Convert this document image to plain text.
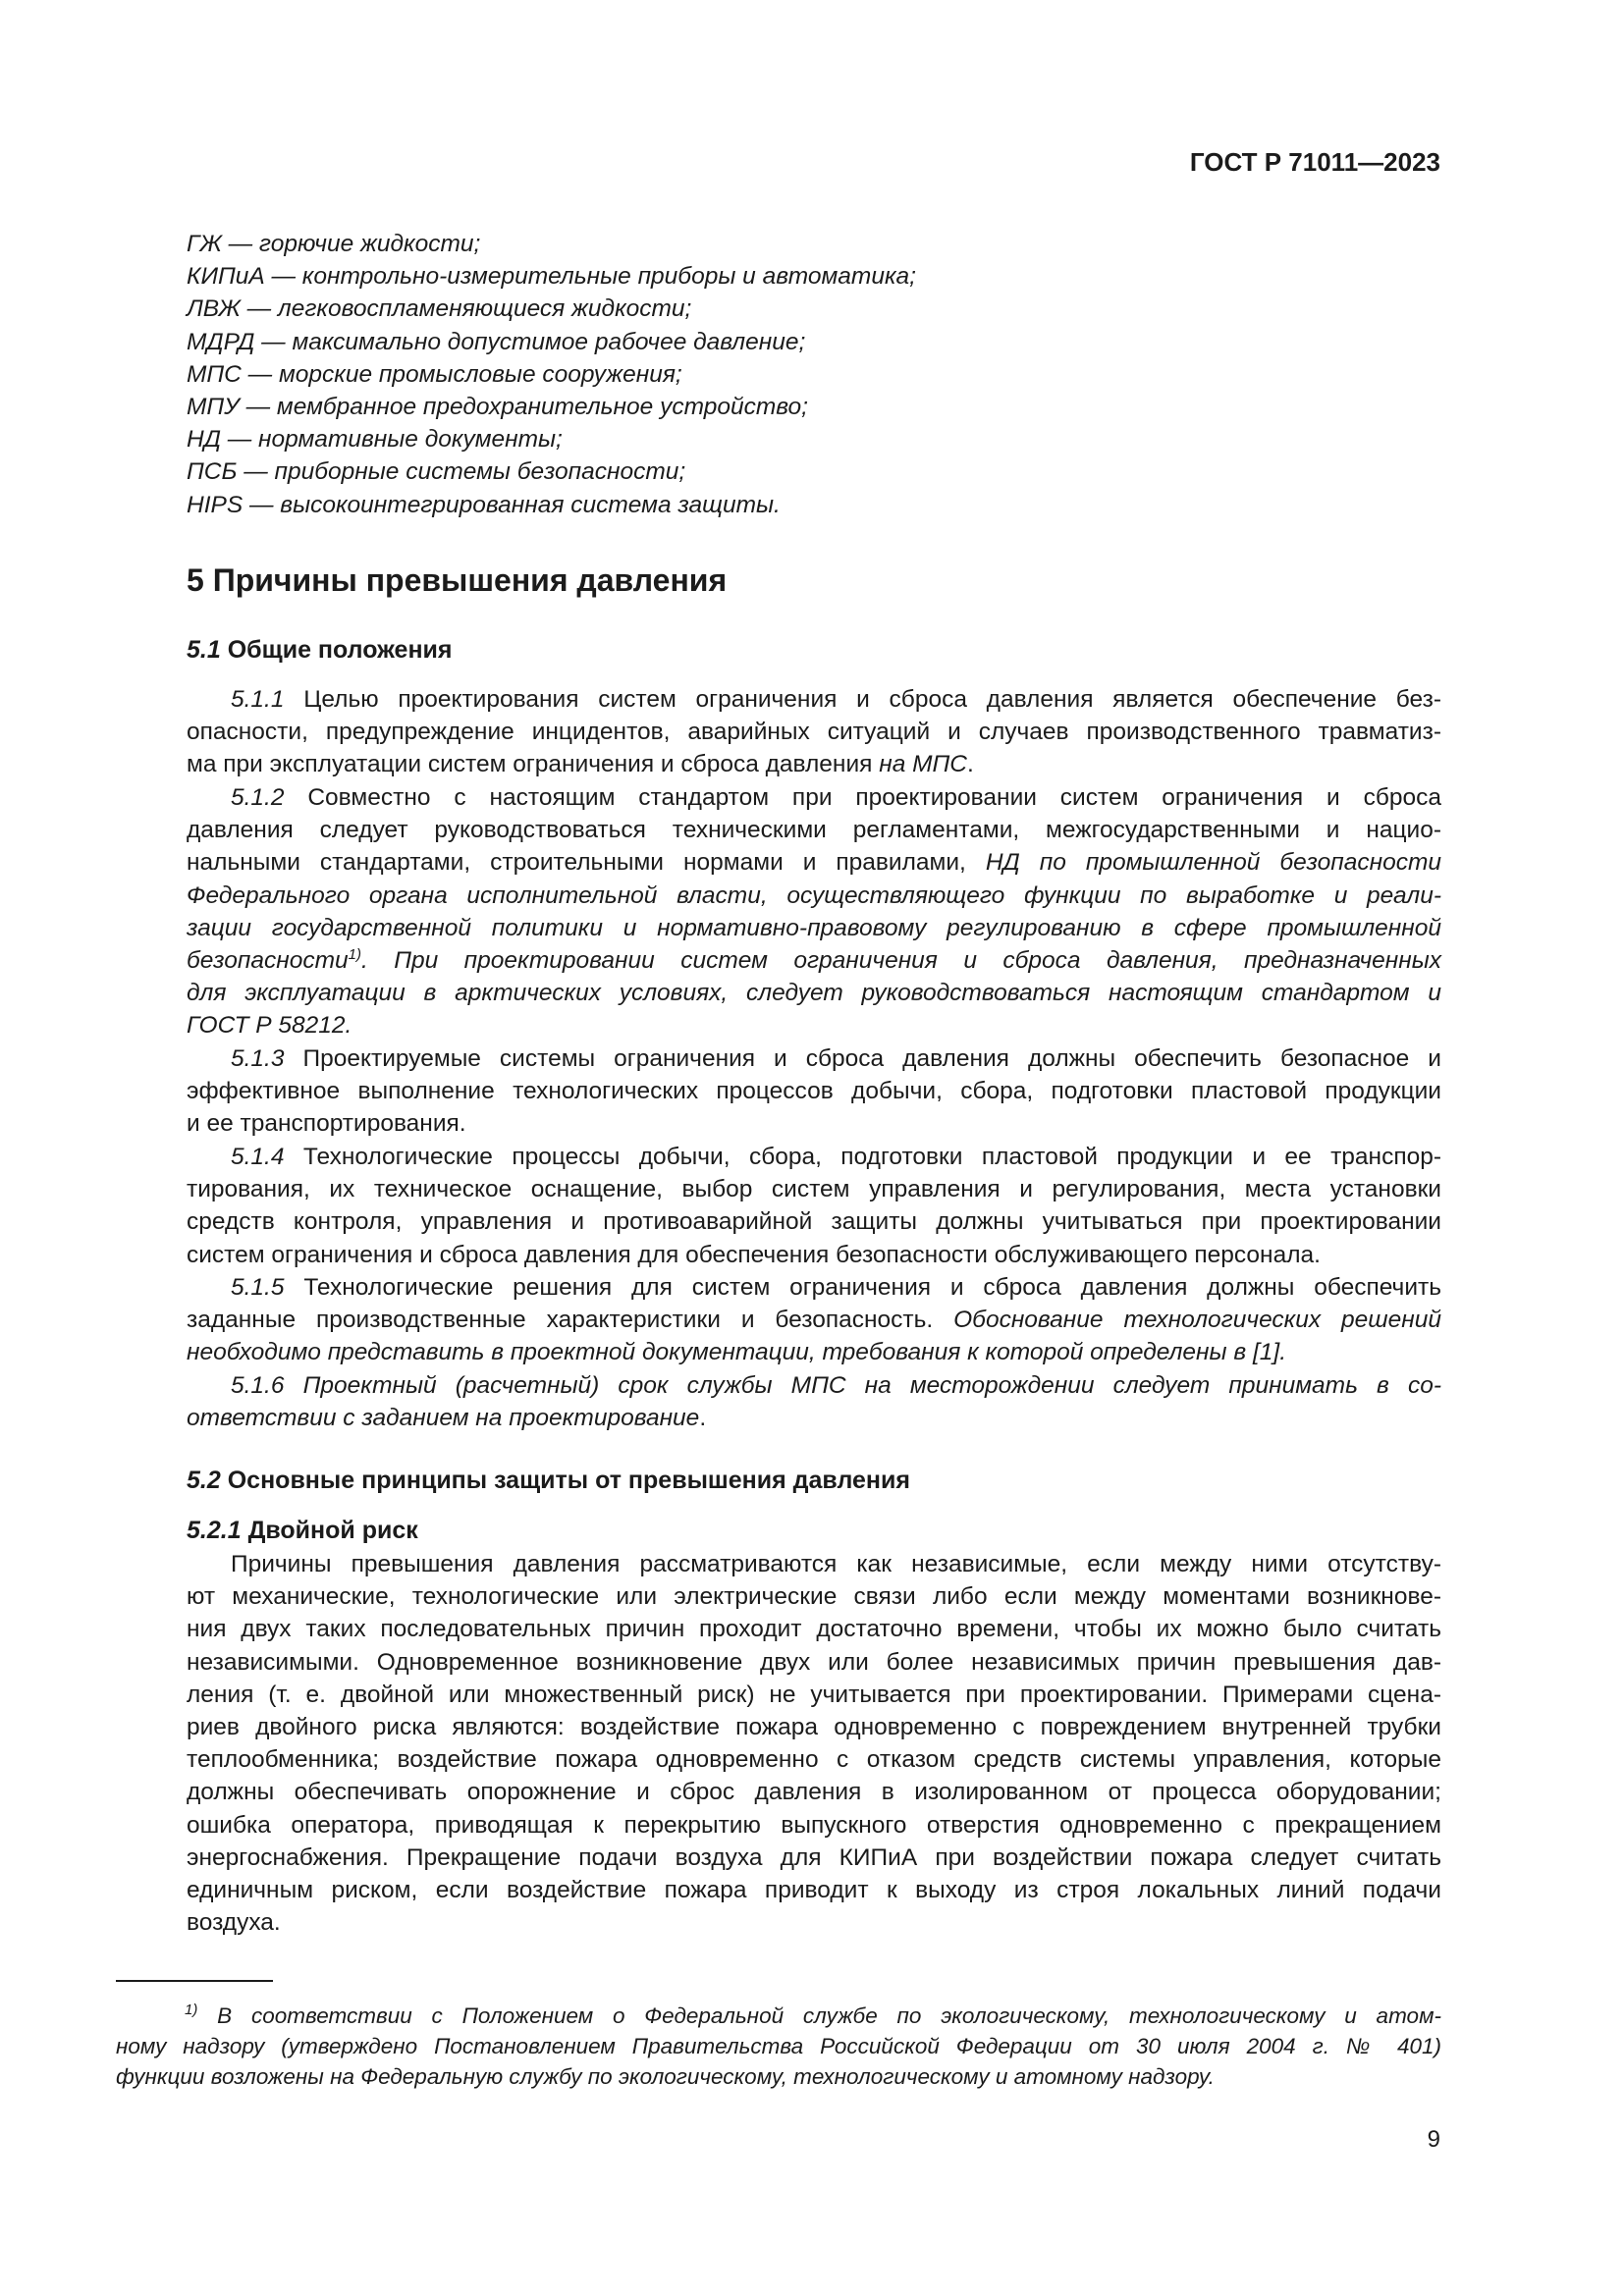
ГОСТ Р 71011—2023
ГЖ — горючие жидкости;
КИПиА — контрольно-измерительные приборы и автоматика;
ЛВЖ — легковоспламеняющиеся жидкости;
МДРД — максимально допустимое рабочее давление;
МПС — морские промысловые сооружения;
МПУ — мембранное предохранительное устройство;
НД — нормативные документы;
ПСБ — приборные системы безопасности;
HIPS — высокоинтегрированная система защиты.
5 Причины превышения давления
5.1 Общие положения
5.1.1 Целью проектирования систем ограничения и сброса давления является обеспечение без-
опасности, предупреждение инцидентов, аварийных ситуаций и случаев производственного травматиз-
ма при эксплуатации систем ограничения и сброса давления на МПС.
5.1.2 Совместно с настоящим стандартом при проектировании систем ограничения и сброса
давления следует руководствоваться техническими регламентами, межгосударственными и нацио-
нальными стандартами, строительными нормами и правилами, НД по промышленной безопасности
Федерального органа исполнительной власти, осуществляющего функции по выработке и реали-
зации государственной политики и нормативно-правовому регулированию в сфере промышленной
безопасности$^{1)}$. При проектировании систем ограничения и сброса давления, предназначенных
для эксплуатации в арктических условиях, следует руководствоваться настоящим стандартом и
ГОСТ Р 58212.
5.1.3 Проектируемые системы ограничения и сброса давления должны обеспечить безопасное и
эффективное выполнение технологических процессов добычи, сбора, подготовки пластовой продукции
и ее транспортирования.
5.1.4 Технологические процессы добычи, сбора, подготовки пластовой продукции и ее транспор-
тирования, их техническое оснащение, выбор систем управления и регулирования, места установки
средств контроля, управления и противоаварийной защиты должны учитываться при проектировании
систем ограничения и сброса давления для обеспечения безопасности обслуживающего персонала.
5.1.5 Технологические решения для систем ограничения и сброса давления должны обеспечить
заданные производственные характеристики и безопасность. Обоснование технологических решений
необходимо представить в проектной документации, требования к которой определены в [1].
5.1.6 Проектный (расчетный) срок службы МПС на месторождении следует принимать в со-
ответствии с заданием на проектирование.
5.2 Основные принципы защиты от превышения давления
5.2.1 Двойной риск
Причины превышения давления рассматриваются как независимые, если между ними отсутству-
ют механические, технологические или электрические связи либо если между моментами возникнове-
ния двух таких последовательных причин проходит достаточно времени, чтобы их можно было считать
независимыми. Одновременное возникновение двух или более независимых причин превышения дав-
ления (т. е. двойной или множественный риск) не учитывается при проектировании. Примерами сцена-
риев двойного риска являются: воздействие пожара одновременно с повреждением внутренней трубки
теплообменника; воздействие пожара одновременно с отказом средств системы управления, которые
должны обеспечивать опорожнение и сброс давления в изолированном от процесса оборудовании;
ошибка оператора, приводящая к перекрытию выпускного отверстия одновременно с прекращением
энергоснабжения. Прекращение подачи воздуха для КИПиА при воздействии пожара следует считать
единичным риском, если воздействие пожара приводит к выходу из строя локальных линий подачи
воздуха.
$^{1)}$ В соответствии с Положением о Федеральной службе по экологическому, технологическому и атом-
ному надзору (утверждено Постановлением Правительства Российской Федерации от 30 июля 2004 г. № 401)
функции возложены на Федеральную службу по экологическому, технологическому и атомному надзору.
9
